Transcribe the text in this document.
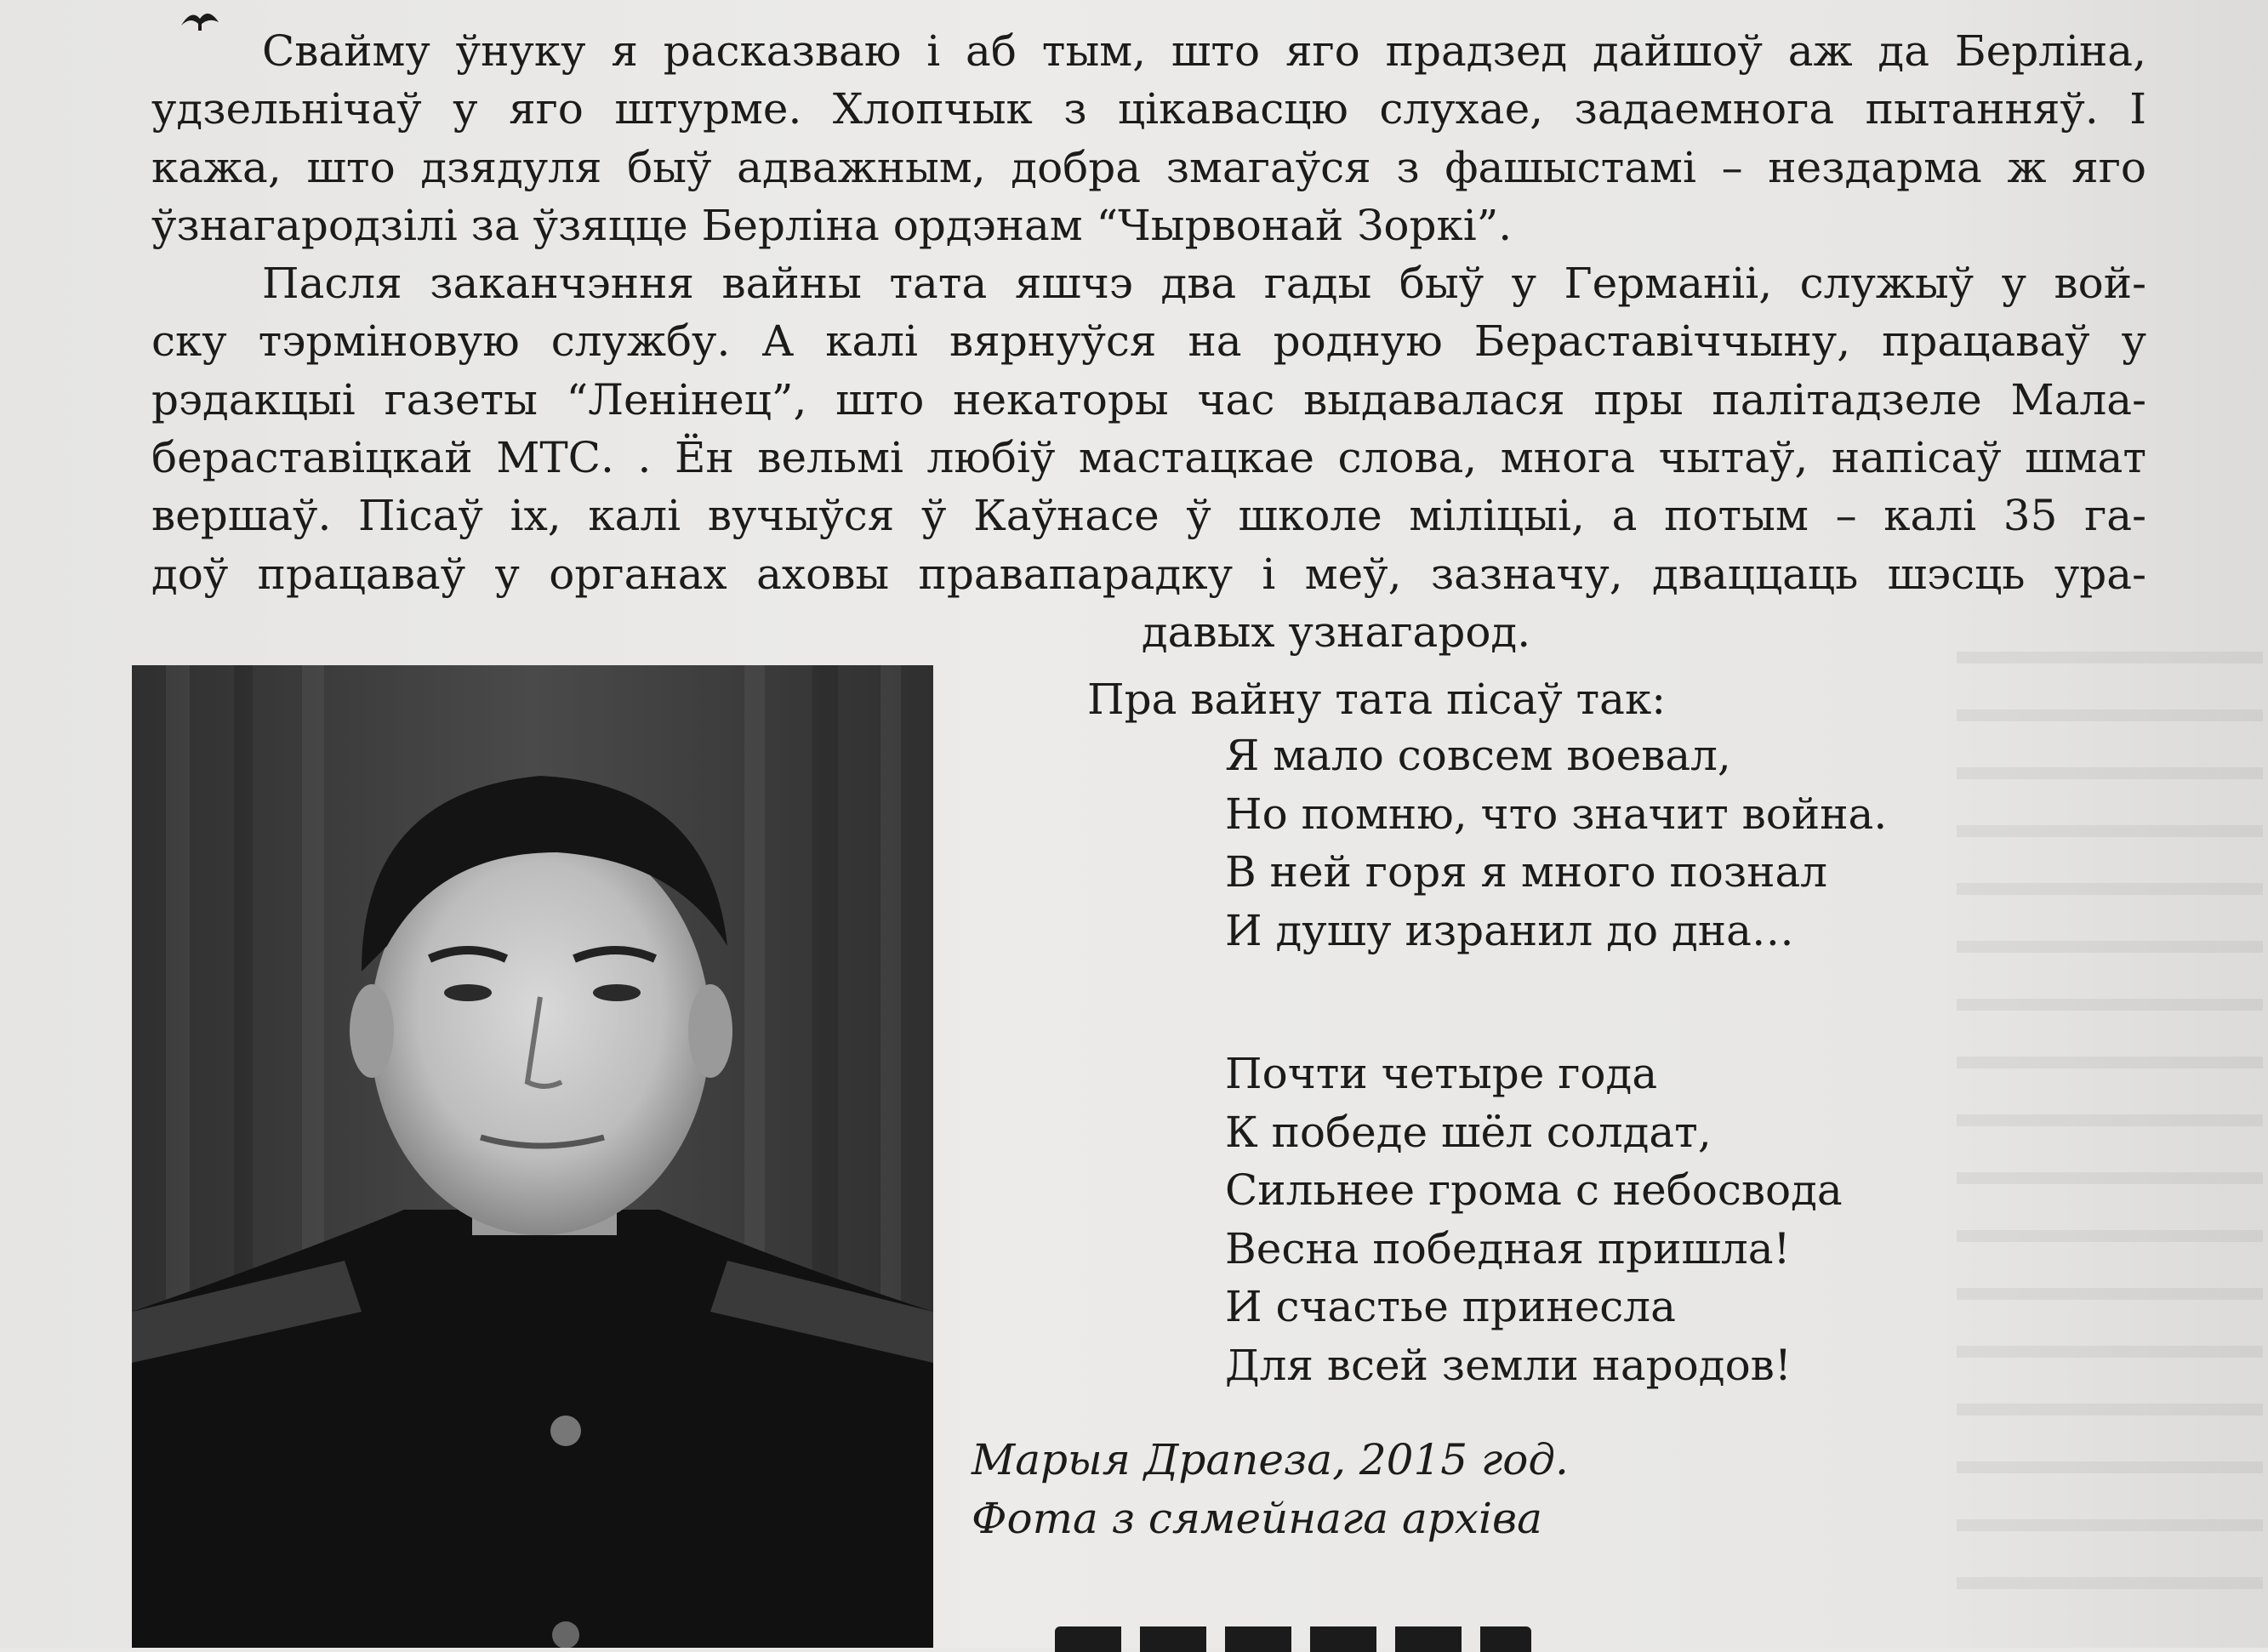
Свайму ўнуку я расказваю і аб тым, што яго прадзед дайшоў аж да Берліна,
удзельнічаў у яго штурме. Хлопчык з цікавасцю слухае, задаемнога пытанняў. І
кажа, што дзядуля быў адважным, добра змагаўся з фашыстамі – нездарма ж яго
ўзнагародзілі за ўзяцце Берліна ордэнам “Чырвонай Зоркі”.
Пасля заканчэння вайны тата яшчэ два гады быў у Германіі, служыў у вой-
ску тэрміновую службу. А калі вярнуўся на родную Бераставіччыну, працаваў у
рэдакцыі газеты “Ленінец”, што некаторы час выдавалася пры палітадзеле Мала-
бераставіцкай МТС. . Ён вельмі любіў мастацкае слова, многа чытаў, напісаў шмат
вершаў. Пісаў іх, калі вучыўся ў Каўнасе ў школе міліцыі, а потым – калі 35 га-
доў працаваў у органах аховы правапарадку і меў, зазначу, дваццаць шэсць ура-
давых узнагарод.
Пра вайну тата пісаў так:
Я мало совсем воевал,
Но помню, что значит война.
В ней горя я много познал
И душу изранил до дна…
Почти четыре года
К победе шёл солдат,
Сильнее грома с небосвода
Весна победная пришла!
И счастье принесла
Для всей земли народов!
Марыя Драпеза, 2015 год.
Фота з сямейнага архіва
